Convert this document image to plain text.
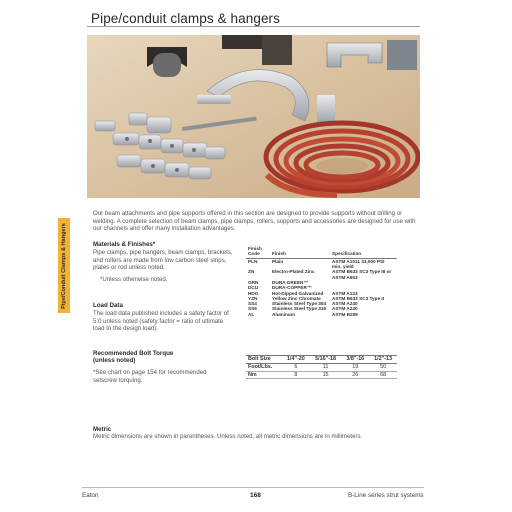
Pipe/conduit clamps & hangers
Pipe/Conduit Clamps & Hangers
Our beam attachments and pipe supports offered in this section are designed to provide supports without drilling or welding. A complete selection of beam clamps, pipe clamps, rollers, supports and accessories are designed for use with our channels and offer many installation advantages.
Materials & Finishes*
Pipe clamps, pipe hangers, beam clamps, brackets, and rollers are made from low carbon steel strips, plates or rod unless noted.
*Unless otherwise noted.
Finish Code	Finish	Specification
PLN	Plain	ASTM A1011 33,000 PSI min. yield
ZN	Electro-Plated Zinc	ASTM B633 SC3 Type III or ASTM A653
GRN	DURA GREEN™	
DCU	DURA-COPPER™	
HDG	Hot-Dipped Galvanized	ASTM A123
YZN	Yellow Zinc Chromate	ASTM B633 SC3 Type II
SS4	Stainless Steel Type 304	ASTM A240
SS6	Stainless Steel Type 316	ASTM A240
AL	Aluminum	ASTM B209
Load Data
The load data published includes a safety factor of 5:0 unless noted (safety factor = ratio of ultimate load to the design load).
Recommended Bolt Torque
(unless noted)
*See chart on page 154 for recommended setscrew torquing.
Bolt Size	1/4"-20	5/16"-18	3/8"-16	1/2"-13
Foot/Lbs.	6	11	19	50
Nm	8	15	26	68
Metric
Metric dimensions are shown in parentheses. Unless noted, all metric dimensions are in millimeters.
Eaton	168	B-Line series strut systems
